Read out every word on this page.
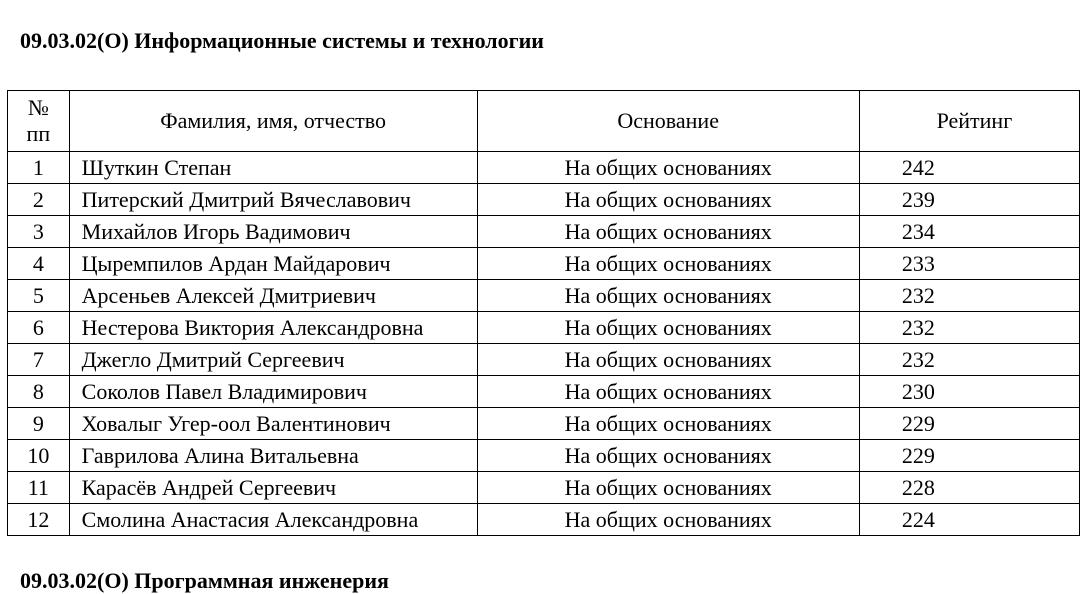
09.03.02(О) Информационные системы и технологии
№
пп	Фамилия, имя, отчество	Основание	Рейтинг
1	Шуткин Степан	На общих основаниях	242
2	Питерский Дмитрий Вячеславович	На общих основаниях	239
3	Михайлов Игорь Вадимович	На общих основаниях	234
4	Цыремпилов Ардан Майдарович	На общих основаниях	233
5	Арсеньев Алексей Дмитриевич	На общих основаниях	232
6	Нестерова Виктория Александровна	На общих основаниях	232
7	Джегло Дмитрий Сергеевич	На общих основаниях	232
8	Соколов Павел Владимирович	На общих основаниях	230
9	Ховалыг Угер-оол Валентинович	На общих основаниях	229
10	Гаврилова Алина Витальевна	На общих основаниях	229
11	Карасёв Андрей Сергеевич	На общих основаниях	228
12	Смолина Анастасия Александровна	На общих основаниях	224
09.03.02(О) Программная инженерия
